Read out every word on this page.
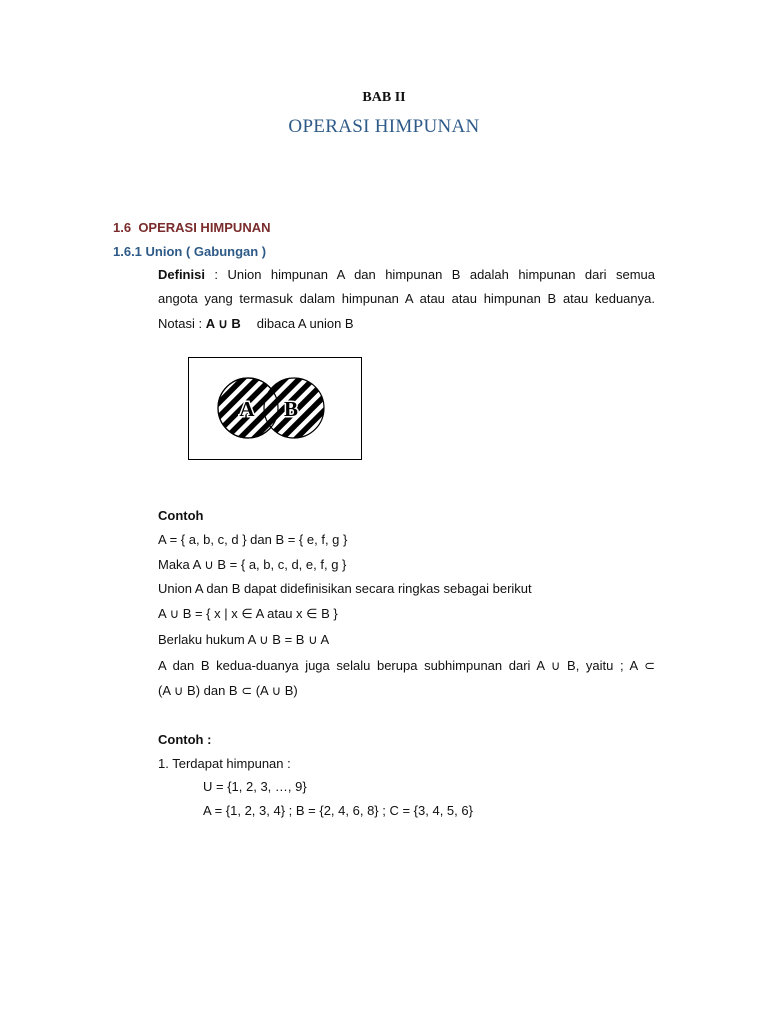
BAB II
OPERASI HIMPUNAN
1.6 OPERASI HIMPUNAN
1.6.1 Union ( Gabungan )
Definisi : Union himpunan A dan himpunan B adalah himpunan dari semua
angota yang termasuk dalam himpunan A atau atau himpunan B atau keduanya.
Notasi : A ∪ B dibaca A union B
A B
Contoh
A = { a, b, c, d } dan B = { e, f, g }
Maka A ∪ B = { a, b, c, d, e, f, g }
Union A dan B dapat didefinisikan secara ringkas sebagai berikut
A ∪ B = { x | x ∈ A atau x ∈ B }
Berlaku hukum A ∪ B = B ∪ A
A dan B kedua-duanya juga selalu berupa subhimpunan dari A ∪ B, yaitu ; A ⊂
(A ∪ B) dan B ⊂ (A ∪ B)
Contoh :
1. Terdapat himpunan :
U = {1, 2, 3, …, 9}
A = {1, 2, 3, 4} ; B = {2, 4, 6, 8} ; C = {3, 4, 5, 6}
